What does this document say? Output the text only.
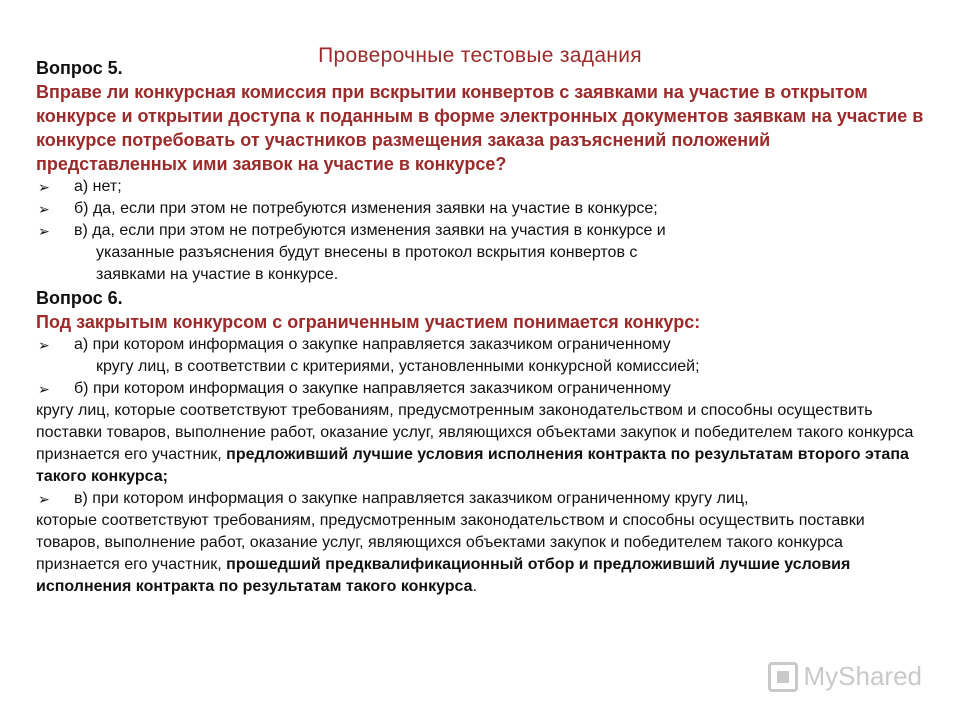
Проверочные тестовые задания
Вопрос 5.
Вправе ли конкурсная комиссия при вскрытии конвертов с заявками на участие в открытом конкурсе и открытии доступа к поданным в форме электронных документов заявкам на участие в конкурсе потребовать от участников размещения заказа разъяснений положений представленных ими заявок на участие в конкурсе?
➢ а) нет;
➢ б) да, если при этом не потребуются изменения заявки на участие в конкурсе;
➢ в) да, если при этом не потребуются изменения заявки на участия в конкурсе и
указанные разъяснения будут внесены в протокол вскрытия конвертов с
заявками на участие в конкурсе.
Вопрос 6.
Под закрытым конкурсом с ограниченным участием понимается конкурс:
➢ а) при котором информация о закупке направляется заказчиком ограниченному
кругу лиц, в соответствии с критериями, установленными конкурсной комиссией;
➢ б) при котором информация о закупке направляется заказчиком ограниченному
кругу лиц, которые соответствуют требованиям, предусмотренным законодательством и способны осуществить поставки товаров, выполнение работ, оказание услуг, являющихся объектами закупок и победителем такого конкурса признается его участник, предложивший лучшие условия исполнения контракта по результатам второго этапа такого конкурса;
➢ в) при котором информация о закупке направляется заказчиком ограниченному кругу лиц,
которые соответствуют требованиям, предусмотренным законодательством и способны осуществить поставки товаров, выполнение работ, оказание услуг, являющихся объектами закупок и победителем такого конкурса признается его участник, прошедший предквалификационный отбор и предложивший лучшие условия исполнения контракта по результатам такого конкурса.
MyShared
